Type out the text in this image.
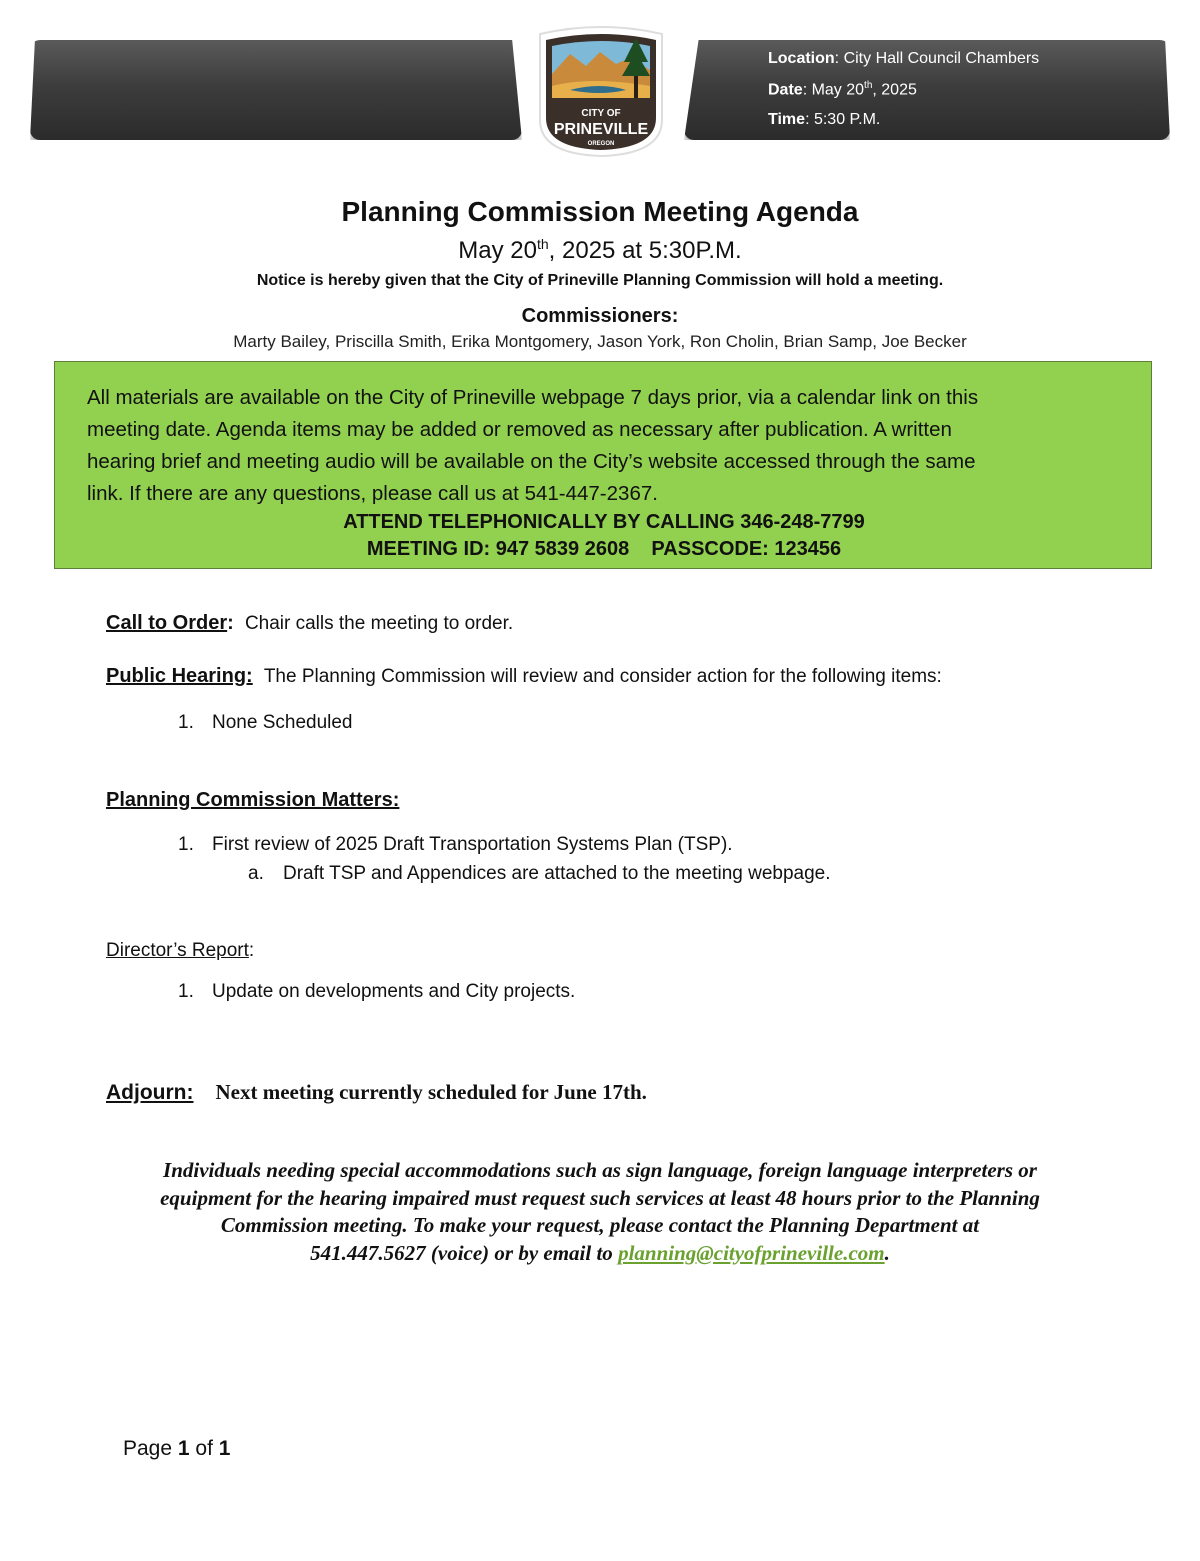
Location: City Hall Council Chambers
Date: May 20th, 2025
Time: 5:30 P.M.
CITY OF
PRINEVILLE
OREGON
Planning Commission Meeting Agenda
May 20th, 2025 at 5:30P.M.
Notice is hereby given that the City of Prineville Planning Commission will hold a meeting.
Commissioners:
Marty Bailey, Priscilla Smith, Erika Montgomery, Jason York, Ron Cholin, Brian Samp, Joe Becker
All materials are available on the City of Prineville webpage 7 days prior, via a calendar link on this
meeting date. Agenda items may be added or removed as necessary after publication. A written
hearing brief and meeting audio will be available on the City’s website accessed through the same
link. If there are any questions, please call us at 541-447-2367.
ATTEND TELEPHONICALLY BY CALLING 346-248-7799
MEETING ID: 947 5839 2608    PASSCODE: 123456
Call to Order: Chair calls the meeting to order.
Public Hearing: The Planning Commission will review and consider action for the following items:
1. None Scheduled
Planning Commission Matters:
1. First review of 2025 Draft Transportation Systems Plan (TSP).
a. Draft TSP and Appendices are attached to the meeting webpage.
Director’s Report:
1. Update on developments and City projects.
Adjourn: Next meeting currently scheduled for June 17th.
Individuals needing special accommodations such as sign language, foreign language interpreters or
equipment for the hearing impaired must request such services at least 48 hours prior to the Planning
Commission meeting. To make your request, please contact the Planning Department at
541.447.5627 (voice) or by email to planning@cityofprineville.com.
Page 1 of 1
